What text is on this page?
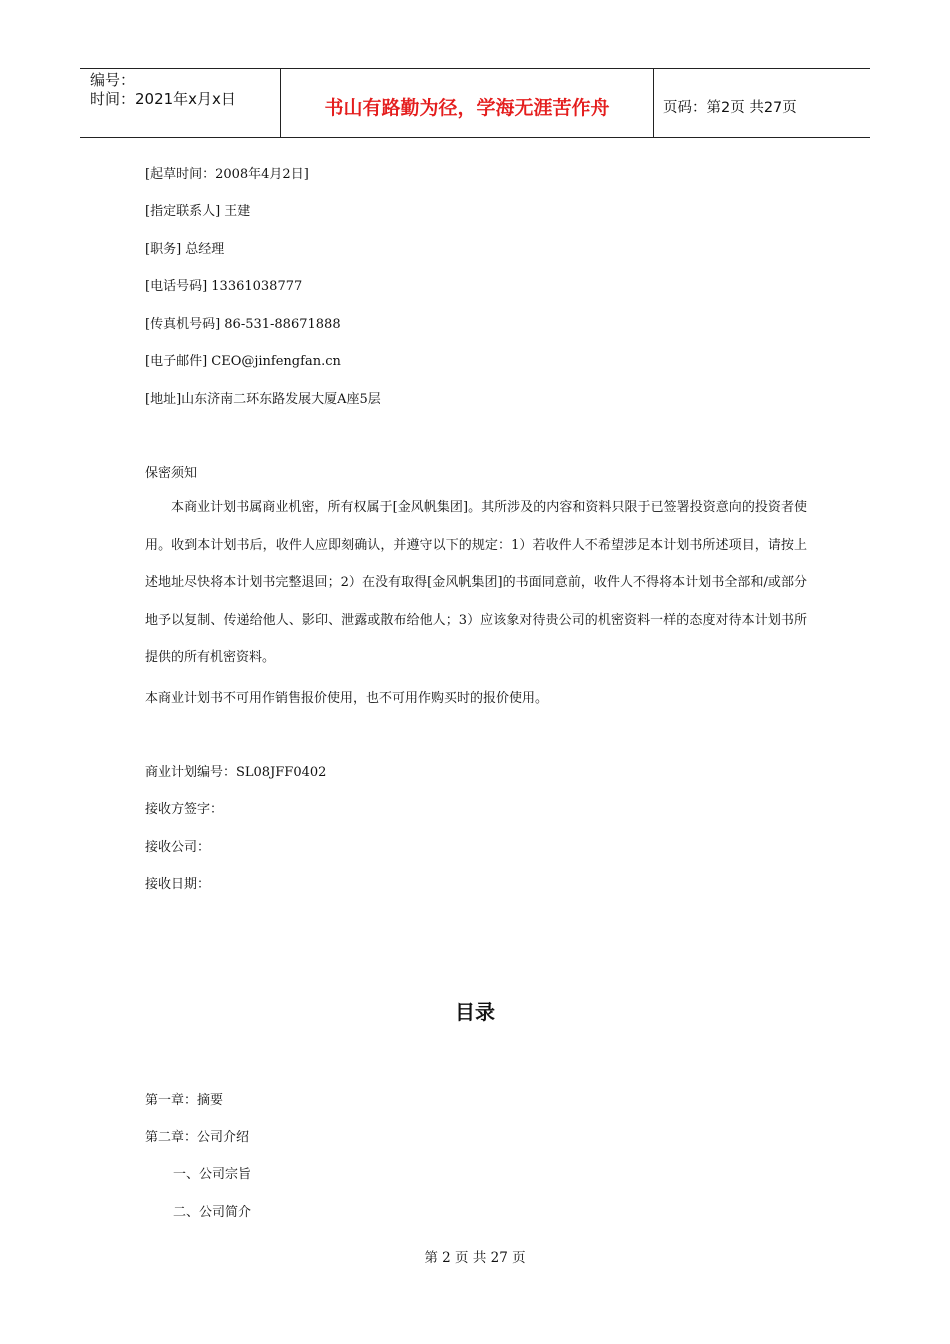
编号：
时间：2021年x月x日	书山有路勤为径，学海无涯苦作舟	页码：第2页 共27页
[起草时间：2008年4月2日]
[指定联系人] 王建
[职务] 总经理
[电话号码] 13361038777
[传真机号码] 86-531-88671888
[电子邮件] CEO@jinfengfan.cn
[地址]山东济南二环东路发展大厦A座5层
保密须知
本商业计划书属商业机密，所有权属于[金风帆集团]。其所涉及的内容和资料只限于已签署投资意向的投资者使用。收到本计划书后，收件人应即刻确认，并遵守以下的规定：1）若收件人不希望涉足本计划书所述项目，请按上述地址尽快将本计划书完整退回；2）在没有取得[金风帆集团]的书面同意前，收件人不得将本计划书全部和/或部分地予以复制、传递给他人、影印、泄露或散布给他人；3）应该象对待贵公司的机密资料一样的态度对待本计划书所提供的所有机密资料。
本商业计划书不可用作销售报价使用，也不可用作购买时的报价使用。
商业计划编号：SL08JFF0402
接收方签字：
接收公司：
接收日期：
目录
第一章：摘要
第二章：公司介绍
一、公司宗旨
二、公司简介
第 2 页 共 27 页
